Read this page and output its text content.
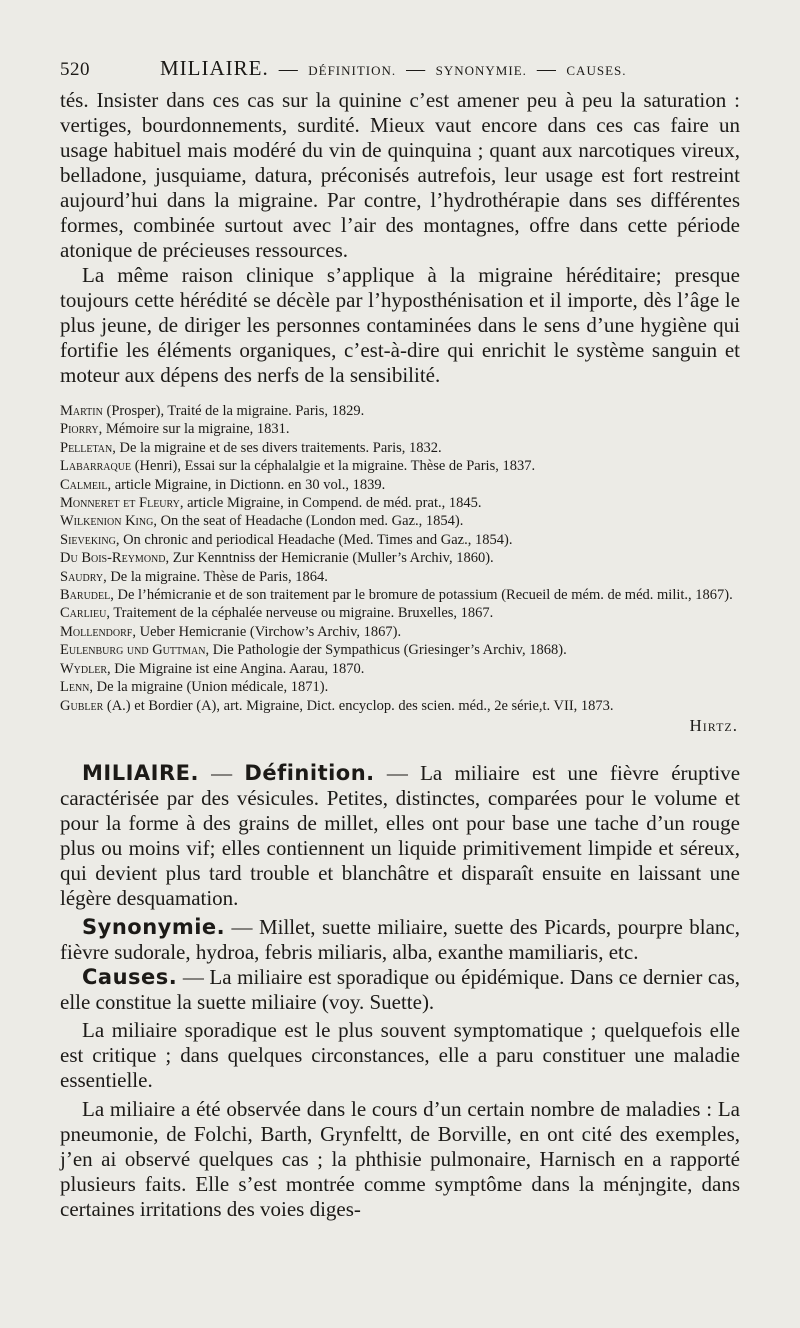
520	MILIAIRE. — DÉFINITION. — SYNONYMIE. — CAUSES.

tés. Insister dans ces cas sur la quinine c’est amener peu à peu la saturation : vertiges, bourdonnements, surdité. Mieux vaut encore dans ces cas faire un usage habituel mais modéré du vin de quinquina ; quant aux narcotiques vireux, belladone, jusquiame, datura, préconisés autrefois, leur usage est fort restreint aujourd’hui dans la migraine. Par contre, l’hydrothérapie dans ses différentes formes, combinée surtout avec l’air des montagnes, offre dans cette période atonique de précieuses ressources.

La même raison clinique s’applique à la migraine héréditaire; presque toujours cette hérédité se décèle par l’hyposthénisation et il importe, dès l’âge le plus jeune, de diriger les personnes contaminées dans le sens d’une hygiène qui fortifie les éléments organiques, c’est-à-dire qui enrichit le système sanguin et moteur aux dépens des nerfs de la sensibilité.

Martin (Prosper), Traité de la migraine. Paris, 1829.

Piorry, Mémoire sur la migraine, 1831.

Pelletan, De la migraine et de ses divers traitements. Paris, 1832.

Labarraque (Henri), Essai sur la céphalalgie et la migraine. Thèse de Paris, 1837.

Calmeil, article Migraine, in Dictionn. en 30 vol., 1839.

Monneret et Fleury, article Migraine, in Compend. de méd. prat., 1845.

Wilkenion King, On the seat of Headache (London med. Gaz., 1854).

Sieveking, On chronic and periodical Headache (Med. Times and Gaz., 1854).

Du Bois-Reymond, Zur Kenntniss der Hemicranie (Muller’s Archiv, 1860).

Saudry, De la migraine. Thèse de Paris, 1864.

Barudel, De l’hémicranie et de son traitement par le bromure de potassium (Recueil de mém. de méd. milit., 1867).

Carlieu, Traitement de la céphalée nerveuse ou migraine. Bruxelles, 1867.

Mollendorf, Ueber Hemicranie (Virchow’s Archiv, 1867).

Eulenburg und Guttman, Die Pathologie der Sympathicus (Griesinger’s Archiv, 1868).

Wydler, Die Migraine ist eine Angina. Aarau, 1870.

Lenn, De la migraine (Union médicale, 1871).

Gubler (A.) et Bordier (A), art. Migraine, Dict. encyclop. des scien. méd., 2e série,t. VII, 1873.

Hirtz.

MILIAIRE. — Définition. — La miliaire est une fièvre éruptive caractérisée par des vésicules. Petites, distinctes, comparées pour le volume et pour la forme à des grains de millet, elles ont pour base une tache d’un rouge plus ou moins vif; elles contiennent un liquide primitivement limpide et séreux, qui devient plus tard trouble et blanchâtre et disparaît ensuite en laissant une légère desquamation.

Synonymie. — Millet, suette miliaire, suette des Picards, pourpre blanc, fièvre sudorale, hydroa, febris miliaris, alba, exanthe mamiliaris, etc.

Causes. — La miliaire est sporadique ou épidémique. Dans ce dernier cas, elle constitue la suette miliaire (voy. Suette).

La miliaire sporadique est le plus souvent symptomatique ; quelquefois elle est critique ; dans quelques circonstances, elle a paru constituer une maladie essentielle.

La miliaire a été observée dans le cours d’un certain nombre de maladies : La pneumonie, de Folchi, Barth, Grynfeltt, de Borville, en ont cité des exemples, j’en ai observé quelques cas ; la phthisie pulmonaire, Harnisch en a rapporté plusieurs faits. Elle s’est montrée comme symptôme dans la ménjngite, dans certaines irritations des voies diges-
